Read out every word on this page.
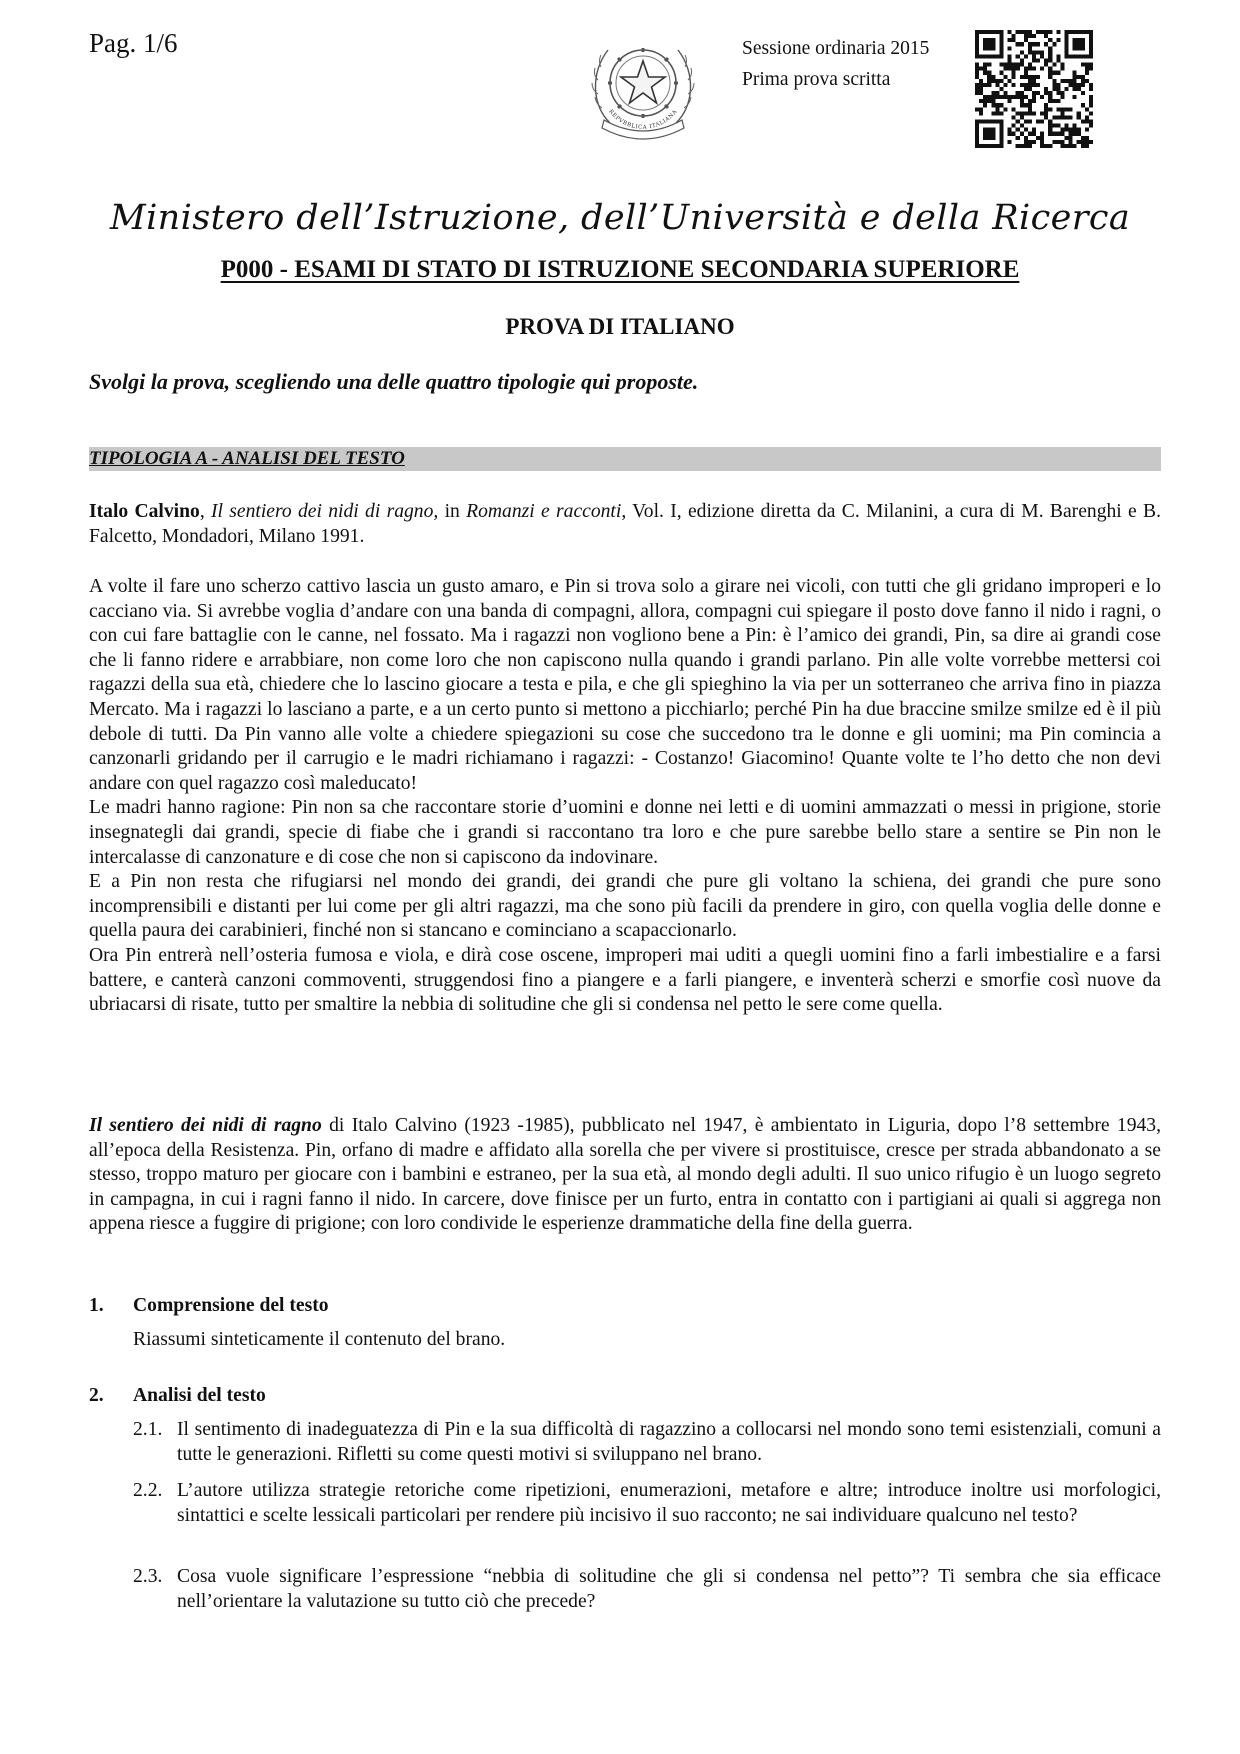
Pag. 1/6
REPVBBLICA ITALIANA
Sessione ordinaria 2015
Prima prova scritta
Ministero dell’Istruzione, dell’Università e della Ricerca
P000 - ESAMI DI STATO DI ISTRUZIONE SECONDARIA SUPERIORE
PROVA DI ITALIANO
Svolgi la prova, scegliendo una delle quattro tipologie qui proposte.
TIPOLOGIA A - ANALISI DEL TESTO
Italo Calvino, Il sentiero dei nidi di ragno, in Romanzi e racconti, Vol. I, edizione diretta da C. Milanini, a cura di M. Barenghi e B. Falcetto, Mondadori, Milano 1991.

A volte il fare uno scherzo cattivo lascia un gusto amaro, e Pin si trova solo a girare nei vicoli, con tutti che gli gridano improperi e lo cacciano via. Si avrebbe voglia d’andare con una banda di compagni, allora, compagni cui spiegare il posto dove fanno il nido i ragni, o con cui fare battaglie con le canne, nel fossato. Ma i ragazzi non vogliono bene a Pin: è l’amico dei grandi, Pin, sa dire ai grandi cose che li fanno ridere e arrabbiare, non come loro che non capiscono nulla quando i grandi parlano. Pin alle volte vorrebbe mettersi coi ragazzi della sua età, chiedere che lo lascino giocare a testa e pila, e che gli spieghino la via per un sotterraneo che arriva fino in piazza Mercato. Ma i ragazzi lo lasciano a parte, e a un certo punto si mettono a picchiarlo; perché Pin ha due braccine smilze smilze ed è il più debole di tutti. Da Pin vanno alle volte a chiedere spiegazioni su cose che succedono tra le donne e gli uomini; ma Pin comincia a canzonarli gridando per il carrugio e le madri richiamano i ragazzi: - Costanzo! Giacomino! Quante volte te l’ho detto che non devi andare con quel ragazzo così maleducato!

Le madri hanno ragione: Pin non sa che raccontare storie d’uomini e donne nei letti e di uomini ammazzati o messi in prigione, storie insegnategli dai grandi, specie di fiabe che i grandi si raccontano tra loro e che pure sarebbe bello stare a sentire se Pin non le intercalasse di canzonature e di cose che non si capiscono da indovinare.

E a Pin non resta che rifugiarsi nel mondo dei grandi, dei grandi che pure gli voltano la schiena, dei grandi che pure sono incomprensibili e distanti per lui come per gli altri ragazzi, ma che sono più facili da prendere in giro, con quella voglia delle donne e quella paura dei carabinieri, finché non si stancano e cominciano a scapaccionarlo.

Ora Pin entrerà nell’osteria fumosa e viola, e dirà cose oscene, improperi mai uditi a quegli uomini fino a farli imbestialire e a farsi battere, e canterà canzoni commoventi, struggendosi fino a piangere e a farli piangere, e inventerà scherzi e smorfie così nuove da ubriacarsi di risate, tutto per smaltire la nebbia di solitudine che gli si condensa nel petto le sere come quella.

Il sentiero dei nidi di ragno di Italo Calvino (1923 -1985), pubblicato nel 1947, è ambientato in Liguria, dopo l’8 settembre 1943, all’epoca della Resistenza. Pin, orfano di madre e affidato alla sorella che per vivere si prostituisce, cresce per strada abbandonato a se stesso, troppo maturo per giocare con i bambini e estraneo, per la sua età, al mondo degli adulti. Il suo unico rifugio è un luogo segreto in campagna, in cui i ragni fanno il nido. In carcere, dove finisce per un furto, entra in contatto con i partigiani ai quali si aggrega non appena riesce a fuggire di prigione; con loro condivide le esperienze drammatiche della fine della guerra.
1. Comprensione del testo
Riassumi sinteticamente il contenuto del brano.
2. Analisi del testo
2.1. Il sentimento di inadeguatezza di Pin e la sua difficoltà di ragazzino a collocarsi nel mondo sono temi esistenziali, comuni a tutte le generazioni. Rifletti su come questi motivi si sviluppano nel brano.
2.2. L’autore utilizza strategie retoriche come ripetizioni, enumerazioni, metafore e altre; introduce inoltre usi morfologici, sintattici e scelte lessicali particolari per rendere più incisivo il suo racconto; ne sai individuare qualcuno nel testo?
2.3. Cosa vuole significare l’espressione “nebbia di solitudine che gli si condensa nel petto”? Ti sembra che sia efficace nell’orientare la valutazione su tutto ciò che precede?
